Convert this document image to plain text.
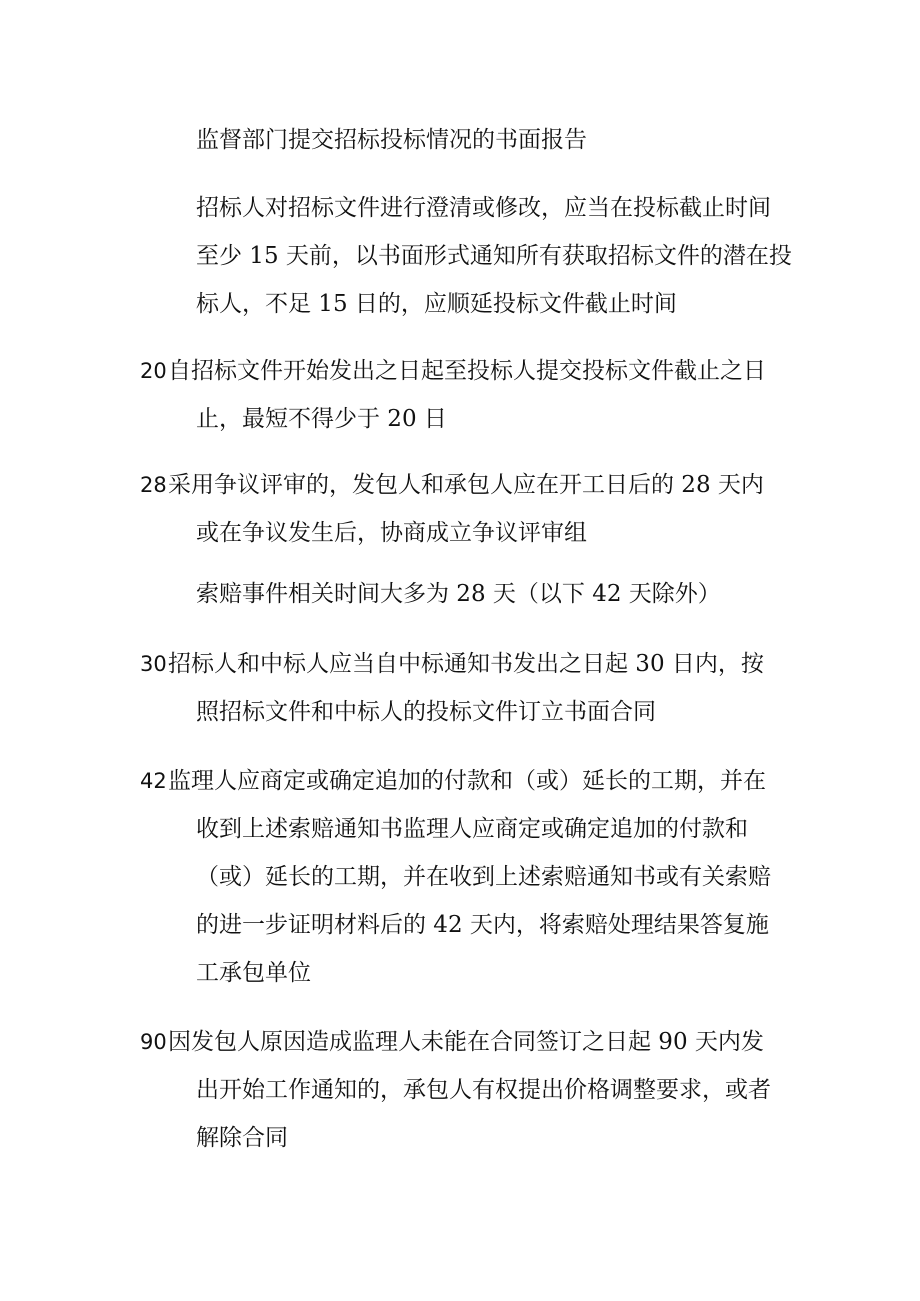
监督部门提交招标投标情况的书面报告
招标人对招标文件进行澄清或修改，应当在投标截止时间
至少 15 天前，以书面形式通知所有获取招标文件的潜在投
标人，不足 15 日的，应顺延投标文件截止时间
20自招标文件开始发出之日起至投标人提交投标文件截止之日
止，最短不得少于 20 日
28采用争议评审的，发包人和承包人应在开工日后的 28 天内
或在争议发生后，协商成立争议评审组
索赔事件相关时间大多为 28 天（以下 42 天除外）
30招标人和中标人应当自中标通知书发出之日起 30 日内，按
照招标文件和中标人的投标文件订立书面合同
42监理人应商定或确定追加的付款和（或）延长的工期，并在
收到上述索赔通知书监理人应商定或确定追加的付款和
（或）延长的工期，并在收到上述索赔通知书或有关索赔
的进一步证明材料后的 42 天内，将索赔处理结果答复施
工承包单位
90因发包人原因造成监理人未能在合同签订之日起 90 天内发
出开始工作通知的，承包人有权提出价格调整要求，或者
解除合同
